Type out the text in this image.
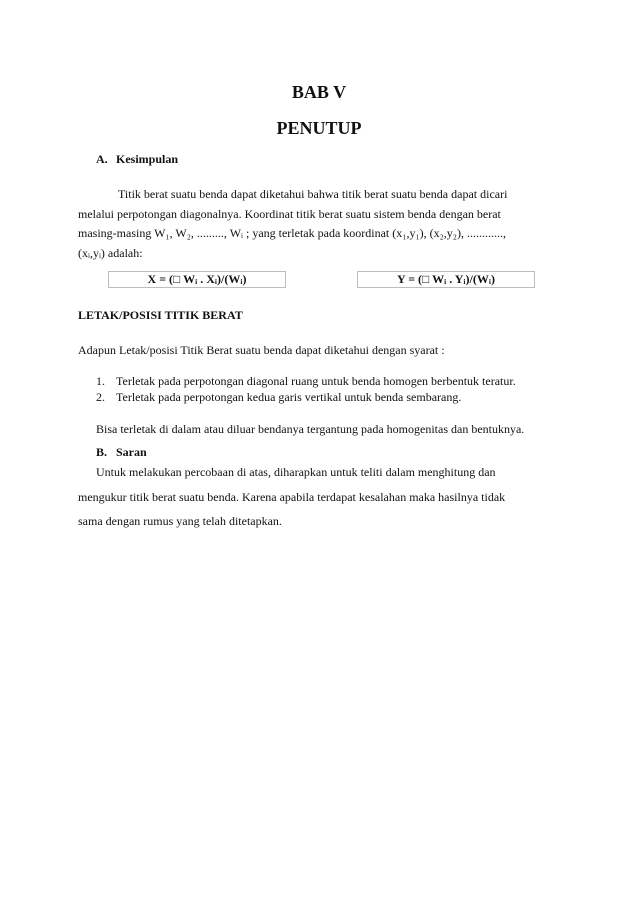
BAB V
PENUTUP
A. Kesimpulan
Titik berat suatu benda dapat diketahui bahwa titik berat suatu benda dapat dicari
melalui perpotongan diagonalnya. Koordinat titik berat suatu sistem benda dengan berat
masing-masing W₁, W₂, ........., Wᵢ ; yang terletak pada koordinat (x₁,y₁), (x₂,y₂), ............,
(xᵢ,yᵢ) adalah:
X = (□ Wᵢ . Xᵢ)/(Wᵢ)	Y = (□ Wᵢ . Yᵢ)/(Wᵢ)
LETAK/POSISI TITIK BERAT
Adapun Letak/posisi Titik Berat suatu benda dapat diketahui dengan syarat :
1. Terletak pada perpotongan diagonal ruang untuk benda homogen berbentuk teratur.
2. Terletak pada perpotongan kedua garis vertikal untuk benda sembarang.
Bisa terletak di dalam atau diluar bendanya tergantung pada homogenitas dan bentuknya.
B. Saran
Untuk melakukan percobaan di atas, diharapkan untuk teliti dalam menghitung dan
mengukur titik berat suatu benda. Karena apabila terdapat kesalahan maka hasilnya tidak
sama dengan rumus yang telah ditetapkan.
